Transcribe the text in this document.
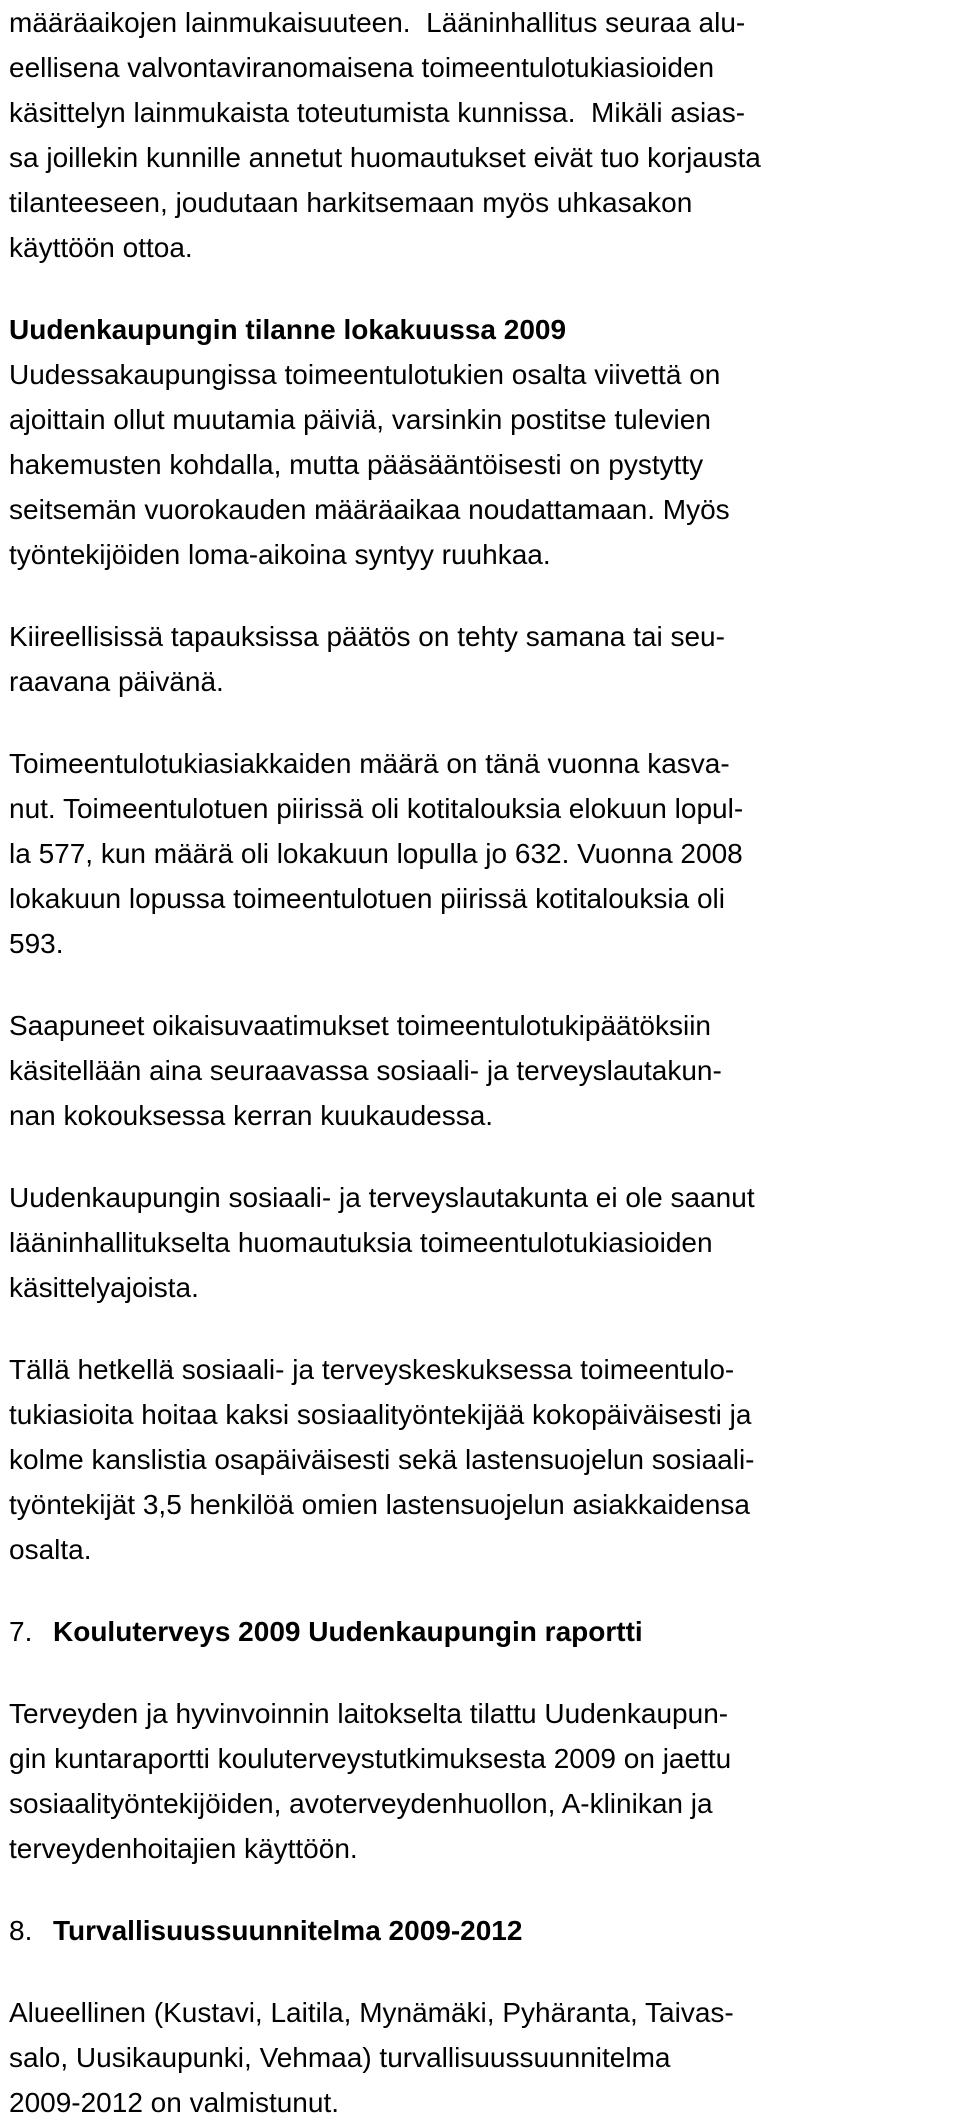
määräaikojen lainmukaisuuteen.  Lääninhallitus seuraa alu-
eellisena valvontaviranomaisena toimeentulotukiasioiden
käsittelyn lainmukaista toteutumista kunnissa.  Mikäli asias-
sa joillekin kunnille annetut huomautukset eivät tuo korjausta
tilanteeseen, joudutaan harkitsemaan myös uhkasakon
käyttöön ottoa.
Uudenkaupungin tilanne lokakuussa 2009
Uudessakaupungissa toimeentulotukien osalta viivettä on
ajoittain ollut muutamia päiviä, varsinkin postitse tulevien
hakemusten kohdalla, mutta pääsääntöisesti on pystytty
seitsemän vuorokauden määräaikaa noudattamaan. Myös
työntekijöiden loma-aikoina syntyy ruuhkaa.
Kiireellisissä tapauksissa päätös on tehty samana tai seu-
raavana päivänä.
Toimeentulotukiasiakkaiden määrä on tänä vuonna kasva-
nut. Toimeentulotuen piirissä oli kotitalouksia elokuun lopul-
la 577, kun määrä oli lokakuun lopulla jo 632. Vuonna 2008
lokakuun lopussa toimeentulotuen piirissä kotitalouksia oli
593.
Saapuneet oikaisuvaatimukset toimeentulotukipäätöksiin
käsitellään aina seuraavassa sosiaali- ja terveyslautakun-
nan kokouksessa kerran kuukaudessa.
Uudenkaupungin sosiaali- ja terveyslautakunta ei ole saanut
lääninhallitukselta huomautuksia toimeentulotukiasioiden
käsittelyajoista.
Tällä hetkellä sosiaali- ja terveyskeskuksessa toimeentulo-
tukiasioita hoitaa kaksi sosiaalityöntekijää kokopäiväisesti ja
kolme kanslistia osapäiväisesti sekä lastensuojelun sosiaali-
työntekijät 3,5 henkilöä omien lastensuojelun asiakkaidensa
osalta.
7. Kouluterveys 2009 Uudenkaupungin raportti
Terveyden ja hyvinvoinnin laitokselta tilattu Uudenkaupun-
gin kuntaraportti kouluterveystutkimuksesta 2009 on jaettu
sosiaalityöntekijöiden, avoterveydenhuollon, A-klinikan ja
terveydenhoitajien käyttöön.
8. Turvallisuussuunnitelma 2009-2012
Alueellinen (Kustavi, Laitila, Mynämäki, Pyhäranta, Taivas-
salo, Uusikaupunki, Vehmaa) turvallisuussuunnitelma
2009-2012 on valmistunut.
